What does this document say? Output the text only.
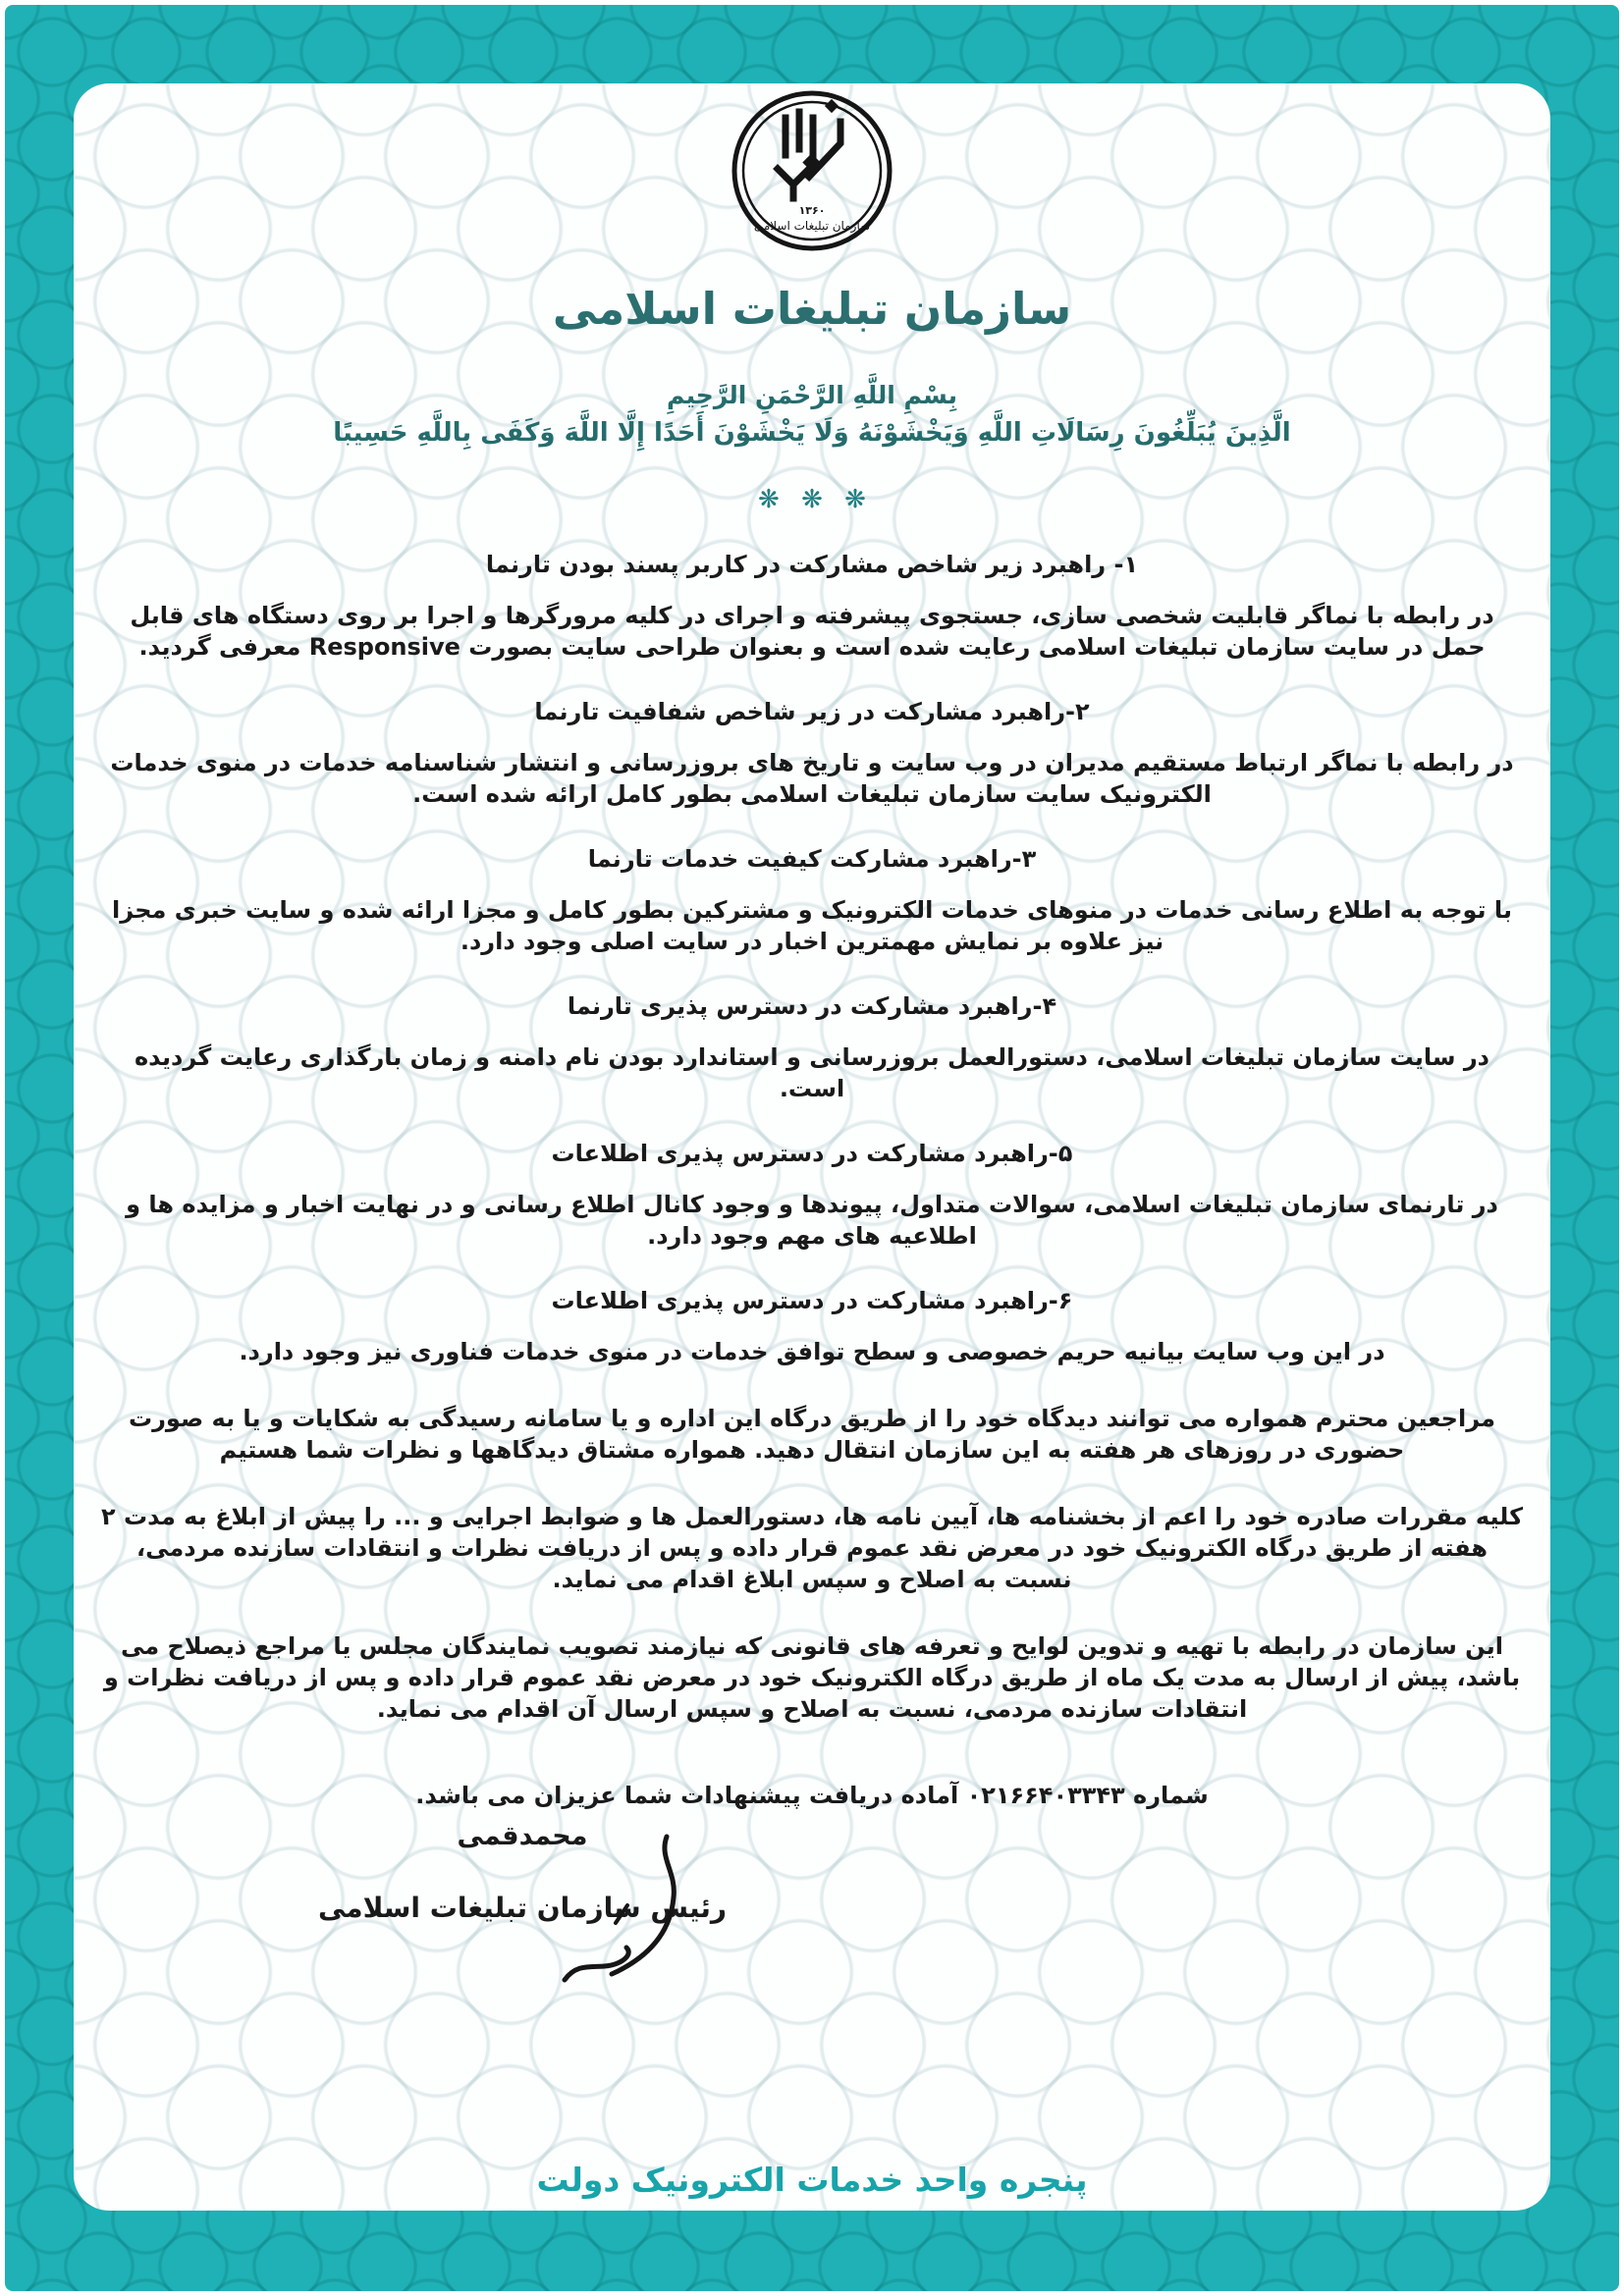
۱۳۶۰
سازمان تبلیغات اسلامی
سازمان تبلیغات اسلامی
بِسْمِ اللَّهِ الرَّحْمَنِ الرَّحِيمِ
الَّذِينَ يُبَلِّغُونَ رِسَالَاتِ اللَّهِ وَيَخْشَوْنَهُ وَلَا يَخْشَوْنَ أَحَدًا إِلَّا اللَّهَ وَكَفَى بِاللَّهِ حَسِيبًا
❋ ❋ ❋
۱- راهبرد زیر شاخص مشارکت در کاربر پسند بودن تارنما
در رابطه با نماگر قابلیت شخصی سازی، جستجوی پیشرفته و اجرای در کلیه مرورگرها و اجرا بر روی دستگاه های قابل حمل در سایت سازمان تبلیغات اسلامی رعایت شده است و بعنوان طراحی سایت بصورت Responsive معرفی گردید.
۲-راهبرد مشارکت در زیر شاخص شفافیت تارنما
در رابطه با نماگر ارتباط مستقیم مدیران در وب سایت و تاریخ های بروزرسانی و انتشار شناسنامه خدمات در منوی خدمات الکترونیک سایت سازمان تبلیغات اسلامی بطور کامل ارائه شده است.
۳-راهبرد مشارکت کیفیت خدمات تارنما
با توجه به اطلاع رسانی خدمات در منوهای خدمات الکترونیک و مشترکین بطور کامل و مجزا ارائه شده و سایت خبری مجزا نیز علاوه بر نمایش مهمترین اخبار در سایت اصلی وجود دارد.
۴-راهبرد مشارکت در دسترس پذیری تارنما
در سایت سازمان تبلیغات اسلامی، دستورالعمل بروزرسانی و استاندارد بودن نام دامنه و زمان بارگذاری رعایت گردیده است.
۵-راهبرد مشارکت در دسترس پذیری اطلاعات
در تارنمای سازمان تبلیغات اسلامی، سوالات متداول، پیوندها و وجود کانال اطلاع رسانی و در نهایت اخبار و مزایده ها و اطلاعیه های مهم وجود دارد.
۶-راهبرد مشارکت در دسترس پذیری اطلاعات
در این وب سایت بیانیه حریم خصوصی و سطح توافق خدمات در منوی خدمات فناوری نیز وجود دارد.
مراجعین محترم همواره می توانند دیدگاه خود را از طریق درگاه این اداره و یا سامانه رسیدگی به شکایات و یا به صورت حضوری در روزهای هر هفته به این سازمان انتقال دهید. همواره مشتاق دیدگاهها و نظرات شما هستیم
کلیه مقررات صادره خود را اعم از بخشنامه ها، آیین نامه ها، دستورالعمل ها و ضوابط اجرایی و ... را پیش از ابلاغ به مدت ۲ هفته از طریق درگاه الکترونیک خود در معرض نقد عموم قرار داده و پس از دریافت نظرات و انتقادات سازنده مردمی، نسبت به اصلاح و سپس ابلاغ اقدام می نماید.
این سازمان در رابطه با تهیه و تدوین لوایح و تعرفه های قانونی که نیازمند تصویب نمایندگان مجلس یا مراجع ذیصلاح می باشد، پیش از ارسال به مدت یک ماه از طریق درگاه الکترونیک خود در معرض نقد عموم قرار داده و پس از دریافت نظرات و انتقادات سازنده مردمی، نسبت به اصلاح و سپس ارسال آن اقدام می نماید.
شماره ۰۲۱۶۶۴۰۳۳۴۳ آماده دریافت پیشنهادات شما عزیزان می باشد.
محمدقمی
رئیس سازمان تبلیغات اسلامی
پنجره واحد خدمات الکترونیک دولت
